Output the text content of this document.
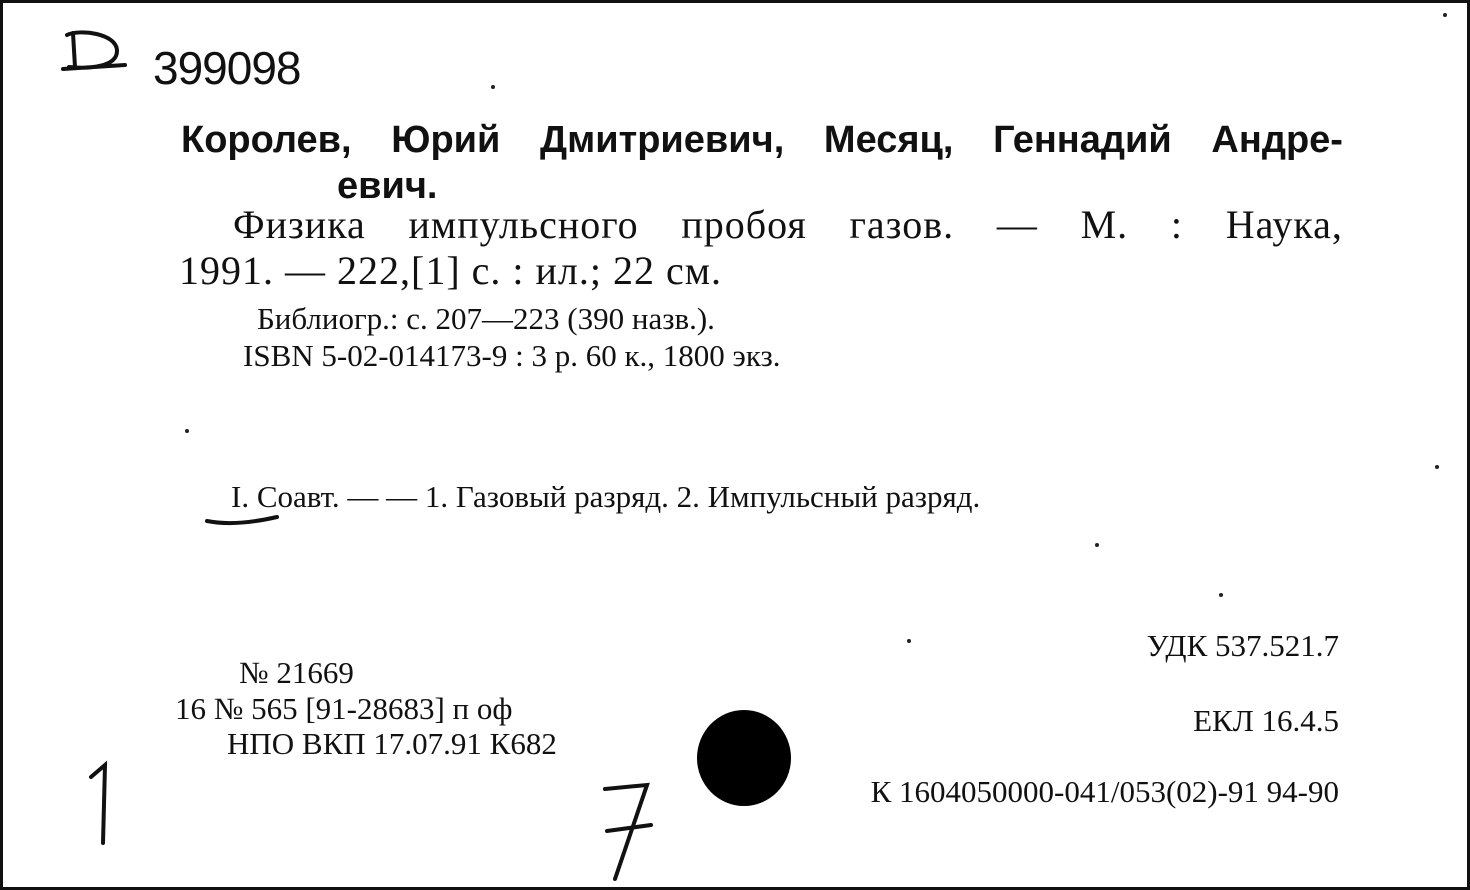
399098
Королев, Юрий Дмитриевич, Месяц, Геннадий Андре-
евич.
Физика импульсного пробоя газов. — М. : Наука,
1991. — 222,[1] с. : ил.; 22 см.
Библиогр.: с. 207—223 (390 назв.).
ISBN 5-02-014173-9 : 3 р. 60 к., 1800 экз.
I. Соавт. — — 1. Газовый разряд. 2. Импульсный разряд.
№ 21669
16 № 565 [91-28683] п оф
НПО ВКП 17.07.91 К682
УДК 537.521.7
ЕКЛ 16.4.5
К 1604050000-041/053(02)-91 94-90
